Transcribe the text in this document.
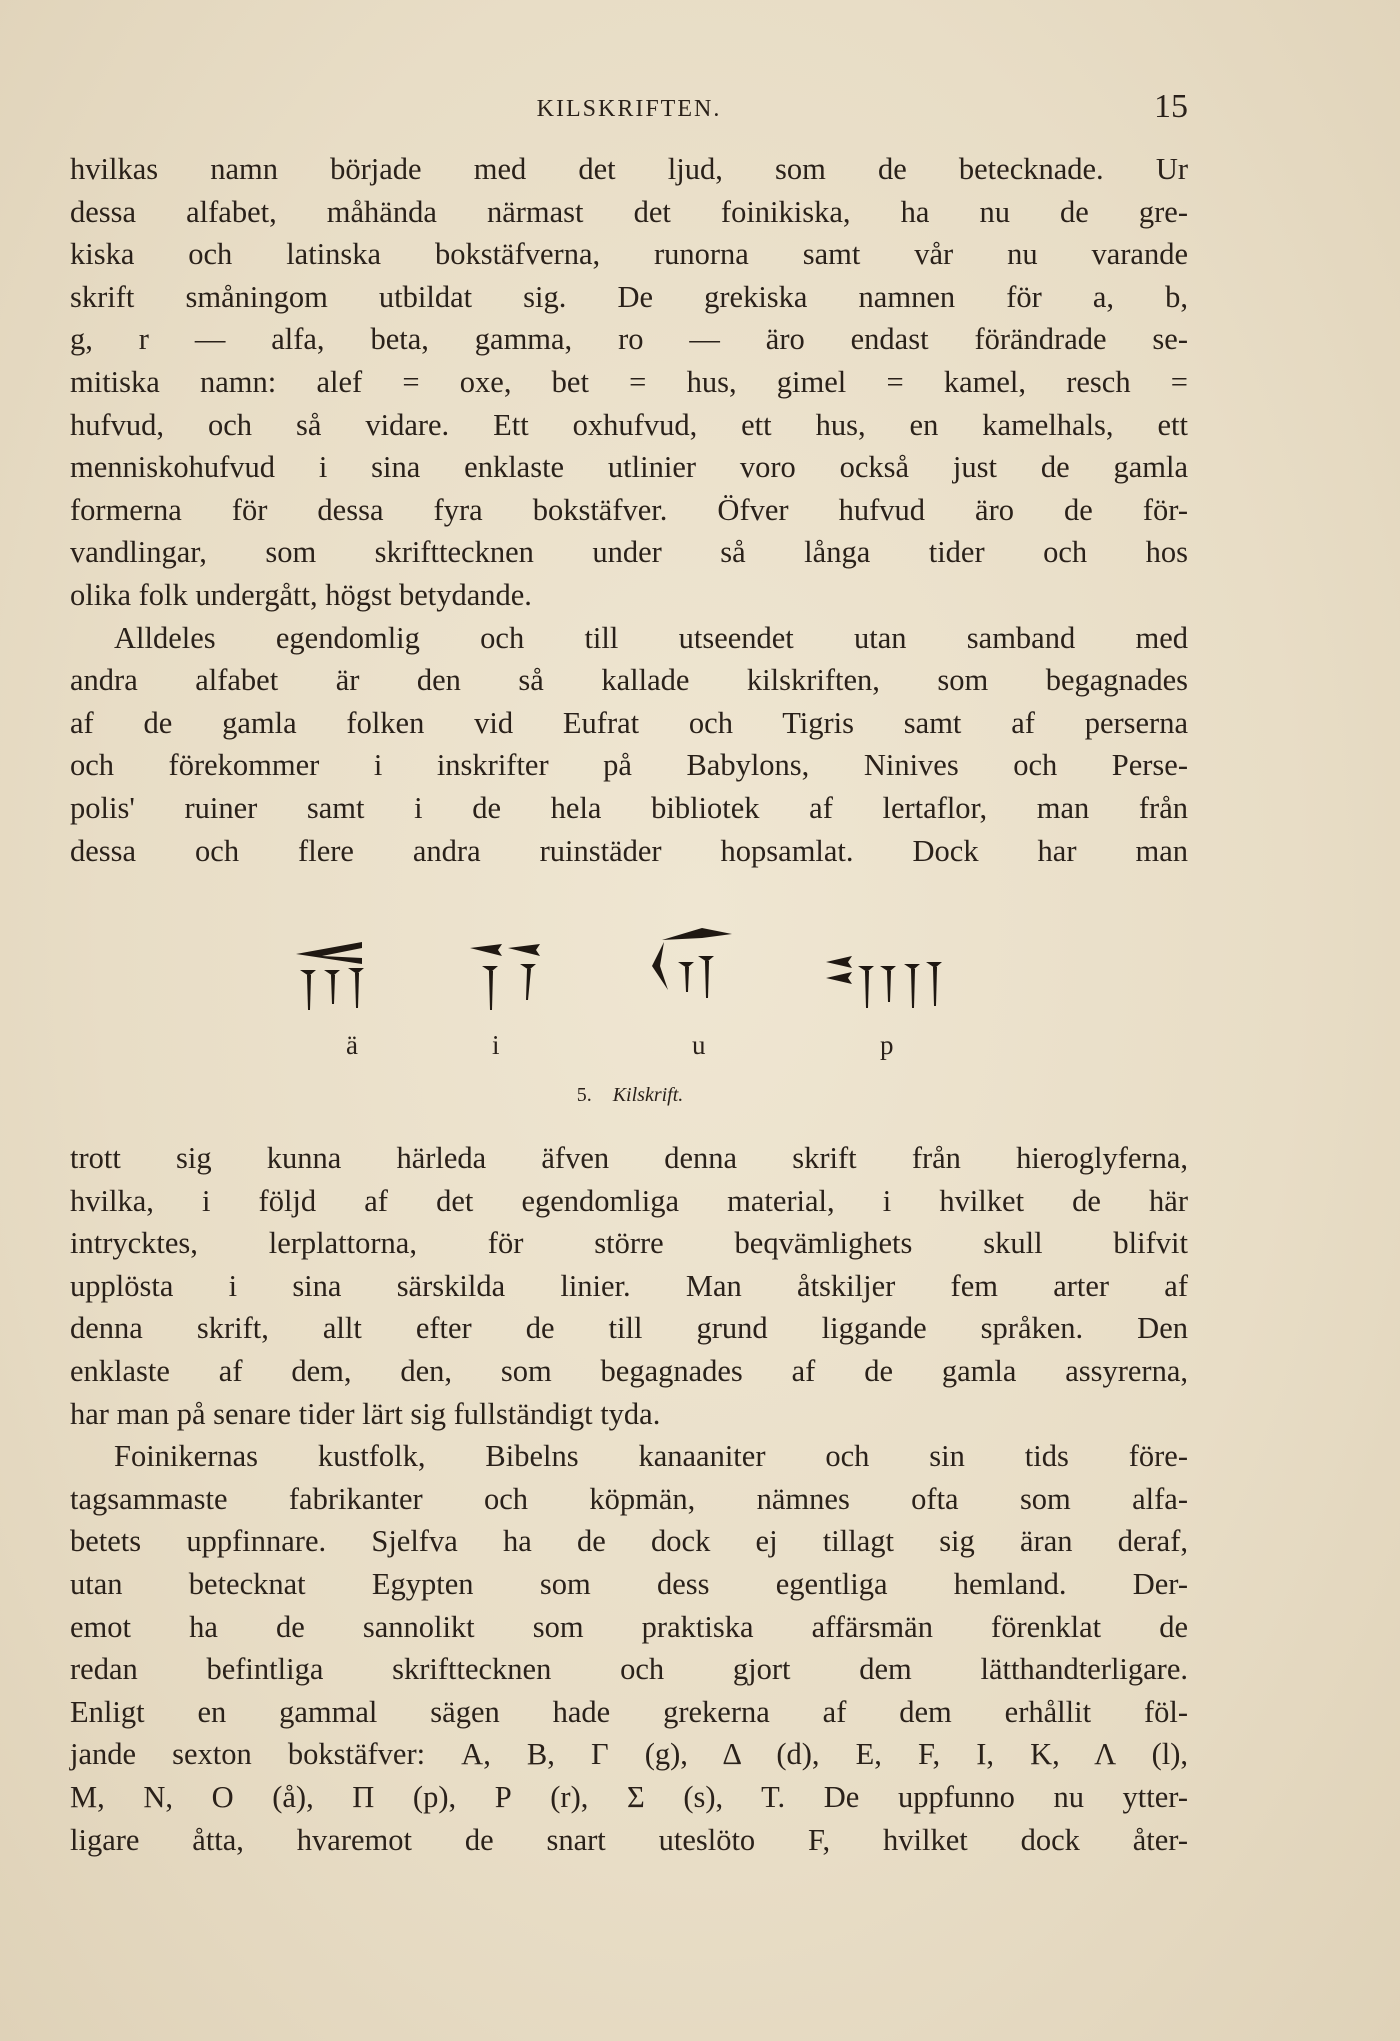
KILSKRIFTEN.	15
hvilkas namn började med det ljud, som de betecknade. Ur
dessa alfabet, måhända närmast det foinikiska, ha nu de gre-
kiska och latinska bokstäfverna, runorna samt vår nu varande
skrift småningom utbildat sig. De grekiska namnen för a, b,
g, r — alfa, beta, gamma, ro — äro endast förändrade se-
mitiska namn: alef = oxe, bet = hus, gimel = kamel, resch =
hufvud, och så vidare. Ett oxhufvud, ett hus, en kamelhals, ett
menniskohufvud i sina enklaste utlinier voro också just de gamla
formerna för dessa fyra bokstäfver. Öfver hufvud äro de för-
vandlingar, som skrifttecknen under så långa tider och hos
olika folk undergått, högst betydande.
Alldeles egendomlig och till utseendet utan samband med
andra alfabet är den så kallade kilskriften, som begagnades
af de gamla folken vid Eufrat och Tigris samt af perserna
och förekommer i inskrifter på Babylons, Ninives och Perse-
polis' ruiner samt i de hela bibliotek af lertaflor, man från
dessa och flere andra ruinstäder hopsamlat. Dock har man
ä	i	u	p
5. Kilskrift.
trott sig kunna härleda äfven denna skrift från hieroglyferna,
hvilka, i följd af det egendomliga material, i hvilket de här
intrycktes, lerplattorna, för större beqvämlighets skull blifvit
upplösta i sina särskilda linier. Man åtskiljer fem arter af
denna skrift, allt efter de till grund liggande språken. Den
enklaste af dem, den, som begagnades af de gamla assyrerna,
har man på senare tider lärt sig fullständigt tyda.
Foinikernas kustfolk, Bibelns kanaaniter och sin tids före-
tagsammaste fabrikanter och köpmän, nämnes ofta som alfa-
betets uppfinnare. Sjelfva ha de dock ej tillagt sig äran deraf,
utan betecknat Egypten som dess egentliga hemland. Der-
emot ha de sannolikt som praktiska affärsmän förenklat de
redan befintliga skrifttecknen och gjort dem lätthandterligare.
Enligt en gammal sägen hade grekerna af dem erhållit föl-
jande sexton bokstäfver: Α, Β, Γ (g), Δ (d), Ε, F, Ι, Κ, Λ (l),
Μ, Ν, Ο (å), Π (p), Ρ (r), Σ (s), Τ. De uppfunno nu ytter-
ligare åtta, hvaremot de snart uteslöto F, hvilket dock åter-
